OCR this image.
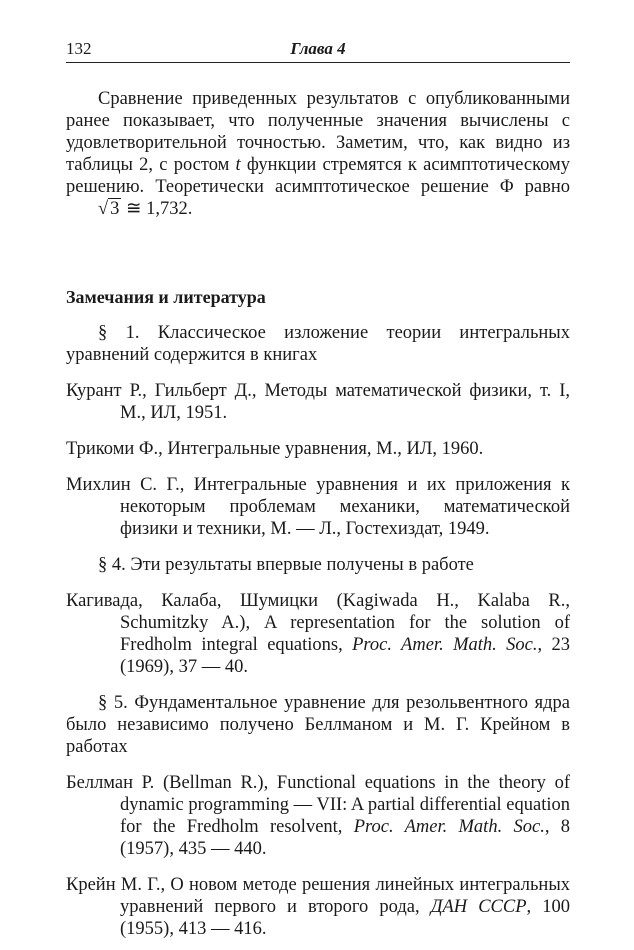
132	Глава 4

Сравнение приведенных результатов с опубликованными ранее показывает, что полученные значения вычислены с удовлетворительной точностью. Заметим, что, как видно из таблицы 2, с ростом t функции стремятся к асимптотическому решению. Теоретически асимптотическое решение Φ равно √ 3 ≅ 1,732.

Замечания и литература

§ 1. Классическое изложение теории интегральных уравнений содержится в книгах

Курант Р., Гильберт Д., Методы математической физики, т. I, М., ИЛ, 1951.

Трикоми Ф., Интегральные уравнения, М., ИЛ, 1960.

Михлин С. Г., Интегральные уравнения и их приложения к некоторым проблемам механики, математической физики и техники, М. — Л., Гостехиздат, 1949.

§ 4. Эти результаты впервые получены в работе

Кагивада, Калаба, Шумицки (Kagiwada H., Kalaba R., Schumitzky A.), A representation for the solution of Fredholm integral equations, Proc. Amer. Math. Soc., 23 (1969), 37 — 40.

§ 5. Фундаментальное уравнение для резольвентного ядра было независимо получено Беллманом и М. Г. Крейном в работах

Беллман Р. (Bellman R.), Functional equations in the theory of dynamic programming — VII: A partial differential equation for the Fredholm resolvent, Proc. Amer. Math. Soc., 8 (1957), 435 — 440.

Крейн М. Г., О новом методе решения линейных интегральных уравнений первого и второго рода, ДАН СССР, 100 (1955), 413 — 416.
